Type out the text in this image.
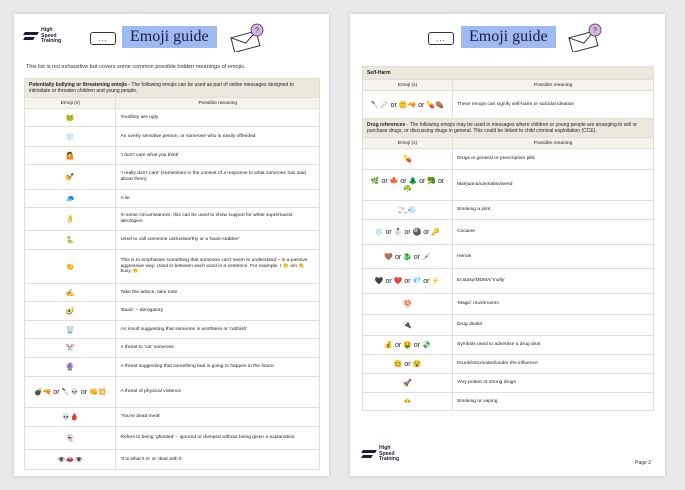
High
Speed
Training	...	Emoji guide	?
This list is not exhaustive but covers some common possible hidden meanings of emojis.
Potentially bullying or threatening emojis - The following emojis can be used as part of online messages designed to intimidate or threaten children and young people.	
Emoji (s)	Possible meaning
🐸	You/they are ugly
❄️	An overly sensitive person, or someone who is easily offended
🤷	'I don't care what you think'
💅	'I really don't care' (sometimes in the context of a response to what someone has said about them)
🧢	A lie
👌	In some circumstances, this can be used to show support for white supremacist ideologies
🐍	Used to call someone untrustworthy or a 'back-stabber'
👏	This is to emphasise something that someone can't seem to understand – in a passive aggressive way. Used in between each word in a sentence. For example, I 👏 am 👏 busy 👏
✍️	Take the advice, take note
🥑	'Basic' – derogatory
🗑️	An insult suggesting that someone is worthless or 'rubbish'
✂️	A threat to 'cut' someone
🔮	A threat suggesting that something bad is going to happen in the future
💣🔫 or 🔪💀 or 👊💥	A threat of physical violence
💀🩸	'You're dead meat'
👻	Refers to being 'ghosted' – ignored or dumped without being given a explanation
👁️👄👁️	'It is what it is' or 'deal with it'
...	Emoji guide	?
Self-Harm	
Emoji (s)	Possible meaning
🔪🩹 or 🤫🔫 or 💊⚰️	These emojis can signify self-harm or suicidal ideation
Drug references - The following emojis may be used in messages where children or young people are arranging to sell or purchase drugs, or discussing drugs in general. This could be linked to child criminal exploitation (CCE).	
Emoji (s)	Possible meaning
💊	Drugs in general or prescription pills
🌿 or 🍁 or 🌲 or 🥦 or ☘️	Marijuana/cannabis/weed
🚬💨	Smoking a joint
❄️ or ⛄ or 🎱 or 🔑	Cocaine
🤎 or 🐉 or 💉	Heroin
🖤 or ❤️ or 💎 or ⚡	Ecstasy/MDMA/'molly'
🍄	'Magic' mushrooms
🔌	Drug dealer
💰 or 🤑 or 💸	Symbols used to advertise a drug deal
🥴 or 😵	Drunk/intoxicated/under the influence
🚀	Very potent or strong drugs
😶‍🌫️	Smoking or vaping
High
Speed
Training
Page 2
